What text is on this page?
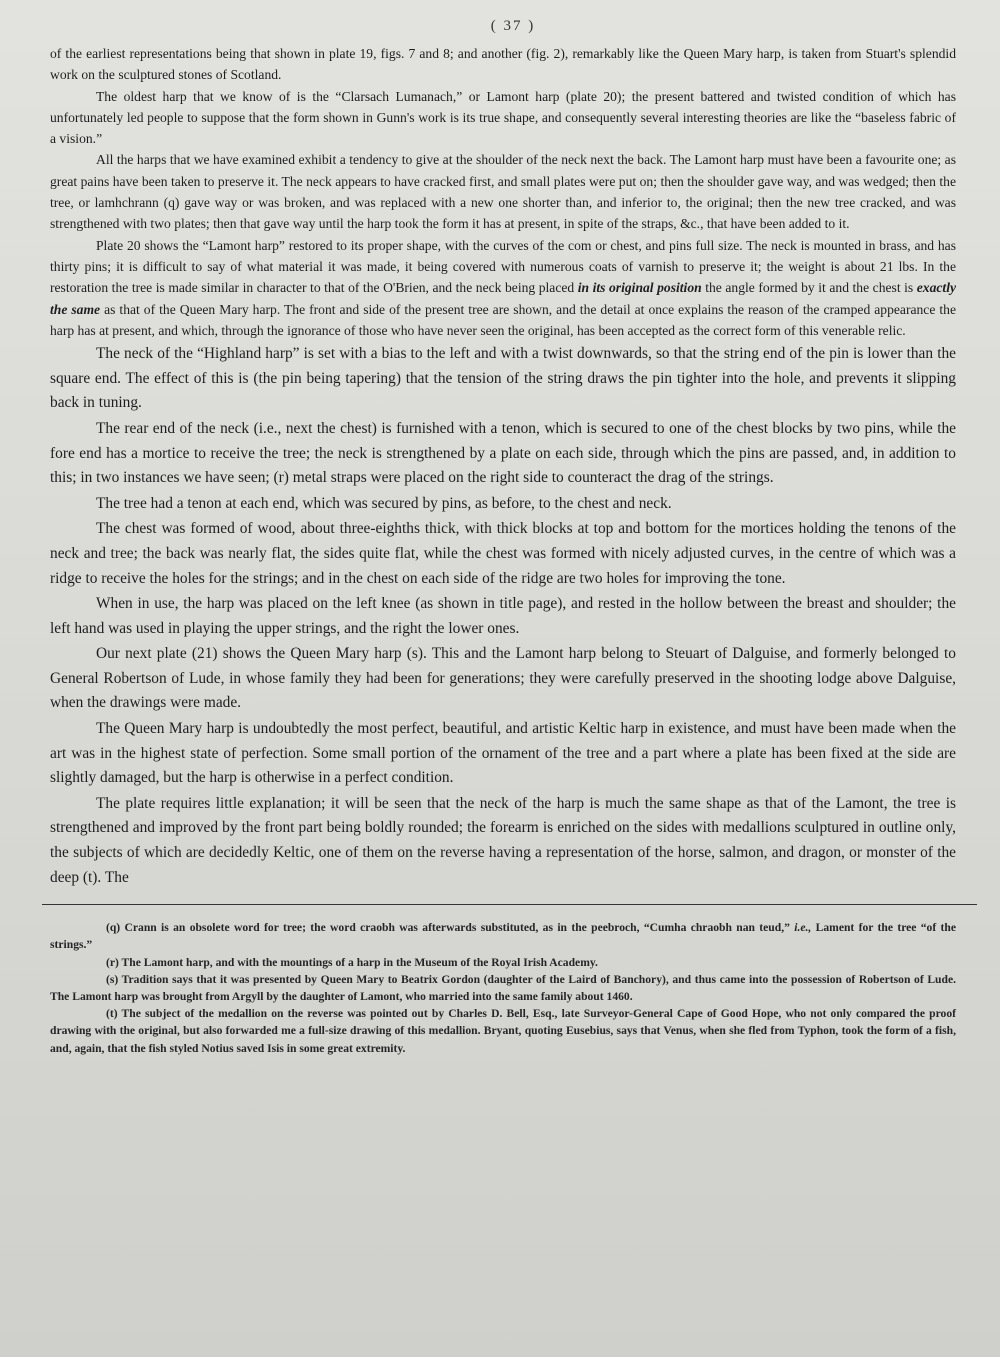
( 37 )

of the earliest representations being that shown in plate 19, figs. 7 and 8; and another (fig. 2), remarkably like the Queen Mary harp, is taken from Stuart's splendid work on the sculptured stones of Scotland.

The oldest harp that we know of is the “Clarsach Lumanach,” or Lamont harp (plate 20); the present battered and twisted condition of which has unfortunately led people to suppose that the form shown in Gunn's work is its true shape, and consequently several interesting theories are like the “baseless fabric of a vision.”

All the harps that we have examined exhibit a tendency to give at the shoulder of the neck next the back. The Lamont harp must have been a favourite one; as great pains have been taken to preserve it. The neck appears to have cracked first, and small plates were put on; then the shoulder gave way, and was wedged; then the tree, or lamhchrann (q) gave way or was broken, and was replaced with a new one shorter than, and inferior to, the original; then the new tree cracked, and was strengthened with two plates; then that gave way until the harp took the form it has at present, in spite of the straps, &c., that have been added to it.

Plate 20 shows the “Lamont harp” restored to its proper shape, with the curves of the com or chest, and pins full size. The neck is mounted in brass, and has thirty pins; it is difficult to say of what material it was made, it being covered with numerous coats of varnish to preserve it; the weight is about 21 lbs. In the restoration the tree is made similar in character to that of the O'Brien, and the neck being placed in its original position the angle formed by it and the chest is exactly the same as that of the Queen Mary harp. The front and side of the present tree are shown, and the detail at once explains the reason of the cramped appearance the harp has at present, and which, through the ignorance of those who have never seen the original, has been accepted as the correct form of this venerable relic.

The neck of the “Highland harp” is set with a bias to the left and with a twist downwards, so that the string end of the pin is lower than the square end. The effect of this is (the pin being tapering) that the tension of the string draws the pin tighter into the hole, and prevents it slipping back in tuning.

The rear end of the neck (i.e., next the chest) is furnished with a tenon, which is secured to one of the chest blocks by two pins, while the fore end has a mortice to receive the tree; the neck is strengthened by a plate on each side, through which the pins are passed, and, in addition to this; in two instances we have seen; (r) metal straps were placed on the right side to counteract the drag of the strings.

The tree had a tenon at each end, which was secured by pins, as before, to the chest and neck.

The chest was formed of wood, about three-eighths thick, with thick blocks at top and bottom for the mortices holding the tenons of the neck and tree; the back was nearly flat, the sides quite flat, while the chest was formed with nicely adjusted curves, in the centre of which was a ridge to receive the holes for the strings; and in the chest on each side of the ridge are two holes for improving the tone.

When in use, the harp was placed on the left knee (as shown in title page), and rested in the hollow between the breast and shoulder; the left hand was used in playing the upper strings, and the right the lower ones.

Our next plate (21) shows the Queen Mary harp (s). This and the Lamont harp belong to Steuart of Dalguise, and formerly belonged to General Robertson of Lude, in whose family they had been for generations; they were carefully preserved in the shooting lodge above Dalguise, when the drawings were made.

The Queen Mary harp is undoubtedly the most perfect, beautiful, and artistic Keltic harp in existence, and must have been made when the art was in the highest state of perfection. Some small portion of the ornament of the tree and a part where a plate has been fixed at the side are slightly damaged, but the harp is otherwise in a perfect condition.

The plate requires little explanation; it will be seen that the neck of the harp is much the same shape as that of the Lamont, the tree is strengthened and improved by the front part being boldly rounded; the forearm is enriched on the sides with medallions sculptured in outline only, the subjects of which are decidedly Keltic, one of them on the reverse having a representation of the horse, salmon, and dragon, or monster of the deep (t). The

(q) Crann is an obsolete word for tree; the word craobh was afterwards substituted, as in the peebroch, “Cumha chraobh nan teud,” i.e., Lament for the tree “of the strings.”

(r) The Lamont harp, and with the mountings of a harp in the Museum of the Royal Irish Academy.

(s) Tradition says that it was presented by Queen Mary to Beatrix Gordon (daughter of the Laird of Banchory), and thus came into the possession of Robertson of Lude. The Lamont harp was brought from Argyll by the daughter of Lamont, who married into the same family about 1460.

(t) The subject of the medallion on the reverse was pointed out by Charles D. Bell, Esq., late Surveyor-General Cape of Good Hope, who not only compared the proof drawing with the original, but also forwarded me a full-size drawing of this medallion. Bryant, quoting Eusebius, says that Venus, when she fled from Typhon, took the form of a fish, and, again, that the fish styled Notius saved Isis in some great extremity.
